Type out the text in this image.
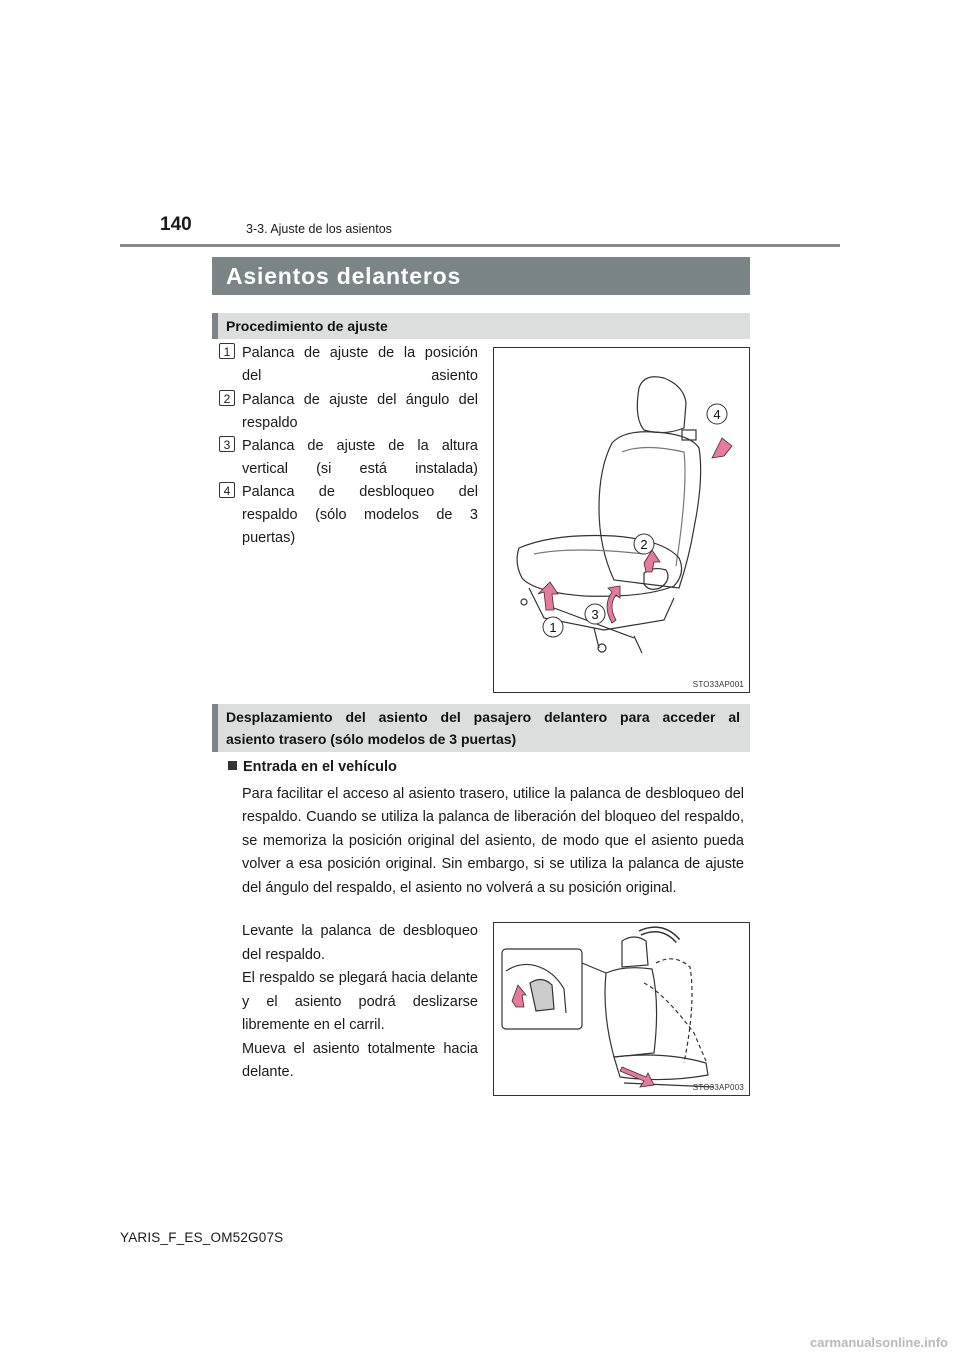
140	3-3. Ajuste de los asientos
Asientos delanteros
Procedimiento de ajuste
1 Palanca de ajuste de la posición
del asiento
2 Palanca de ajuste del ángulo del
respaldo
3 Palanca de ajuste de la altura
vertical (si está instalada)
4 Palanca de desbloqueo del
respaldo (sólo modelos de 3
puertas)
4
2
3
1
STO33AP001
Desplazamiento del asiento del pasajero delantero para acceder al
asiento trasero (sólo modelos de 3 puertas)
Entrada en el vehículo
Para facilitar el acceso al asiento trasero, utilice la palanca de desbloqueo del respaldo. Cuando se utiliza la palanca de liberación del bloqueo del respaldo, se memoriza la posición original del asiento, de modo que el asiento pueda volver a esa posición original. Sin embargo, si se utiliza la palanca de ajuste del ángulo del respaldo, el asiento no volverá a su posición original.
Levante la palanca de desbloqueo del respaldo.
El respaldo se plegará hacia delante y el asiento podrá deslizarse libremente en el carril.
Mueva el asiento totalmente hacia delante.
STO33AP003
YARIS_F_ES_OM52G07S
carmanualsonline.info
